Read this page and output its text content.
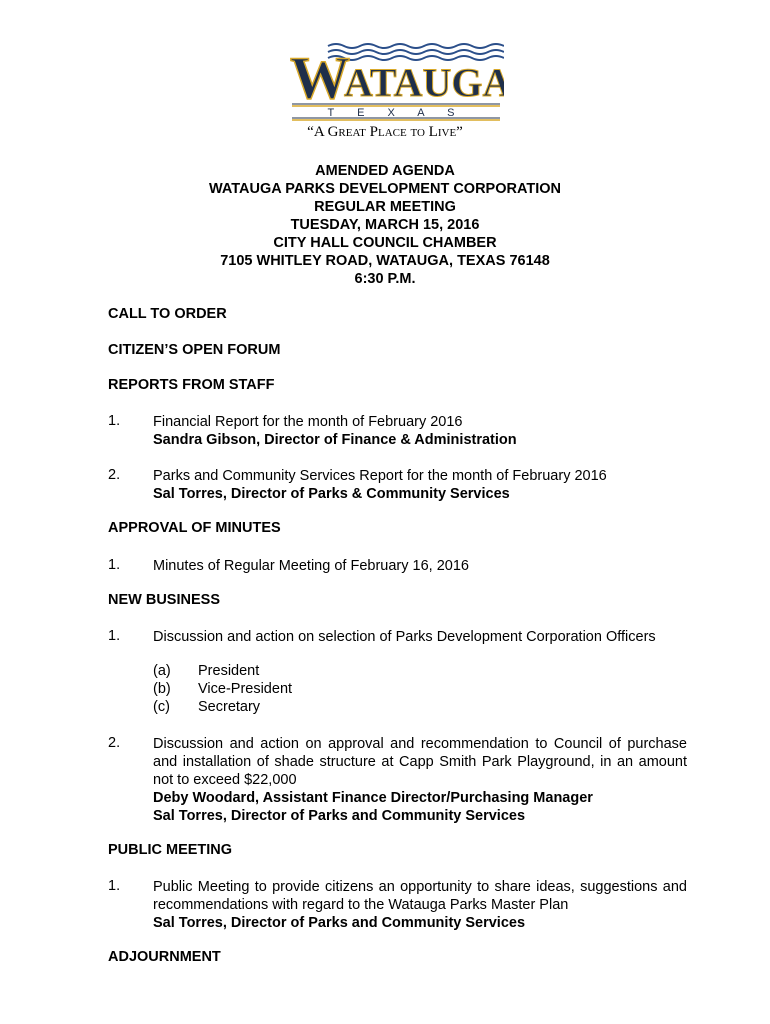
W
ATAUGA
T E X A S
“A Great Place to Live”
AMENDED AGENDA
WATAUGA PARKS DEVELOPMENT CORPORATION
REGULAR MEETING
TUESDAY, MARCH 15, 2016
CITY HALL COUNCIL CHAMBER
7105 WHITLEY ROAD, WATAUGA, TEXAS 76148
6:30 P.M.
CALL TO ORDER
CITIZEN’S OPEN FORUM
REPORTS FROM STAFF
1. Financial Report for the month of February 2016
Sandra Gibson, Director of Finance & Administration
2. Parks and Community Services Report for the month of February 2016
Sal Torres, Director of Parks & Community Services
APPROVAL OF MINUTES
1. Minutes of Regular Meeting of February 16, 2016
NEW BUSINESS
1. Discussion and action on selection of Parks Development Corporation Officers
(a) President
(b) Vice-President
(c) Secretary
2. Discussion and action on approval and recommendation to Council of purchase and installation of shade structure at Capp Smith Park Playground, in an amount not to exceed $22,000
Deby Woodard, Assistant Finance Director/Purchasing Manager
Sal Torres, Director of Parks and Community Services
PUBLIC MEETING
1. Public Meeting to provide citizens an opportunity to share ideas, suggestions and recommendations with regard to the Watauga Parks Master Plan
Sal Torres, Director of Parks and Community Services
ADJOURNMENT
